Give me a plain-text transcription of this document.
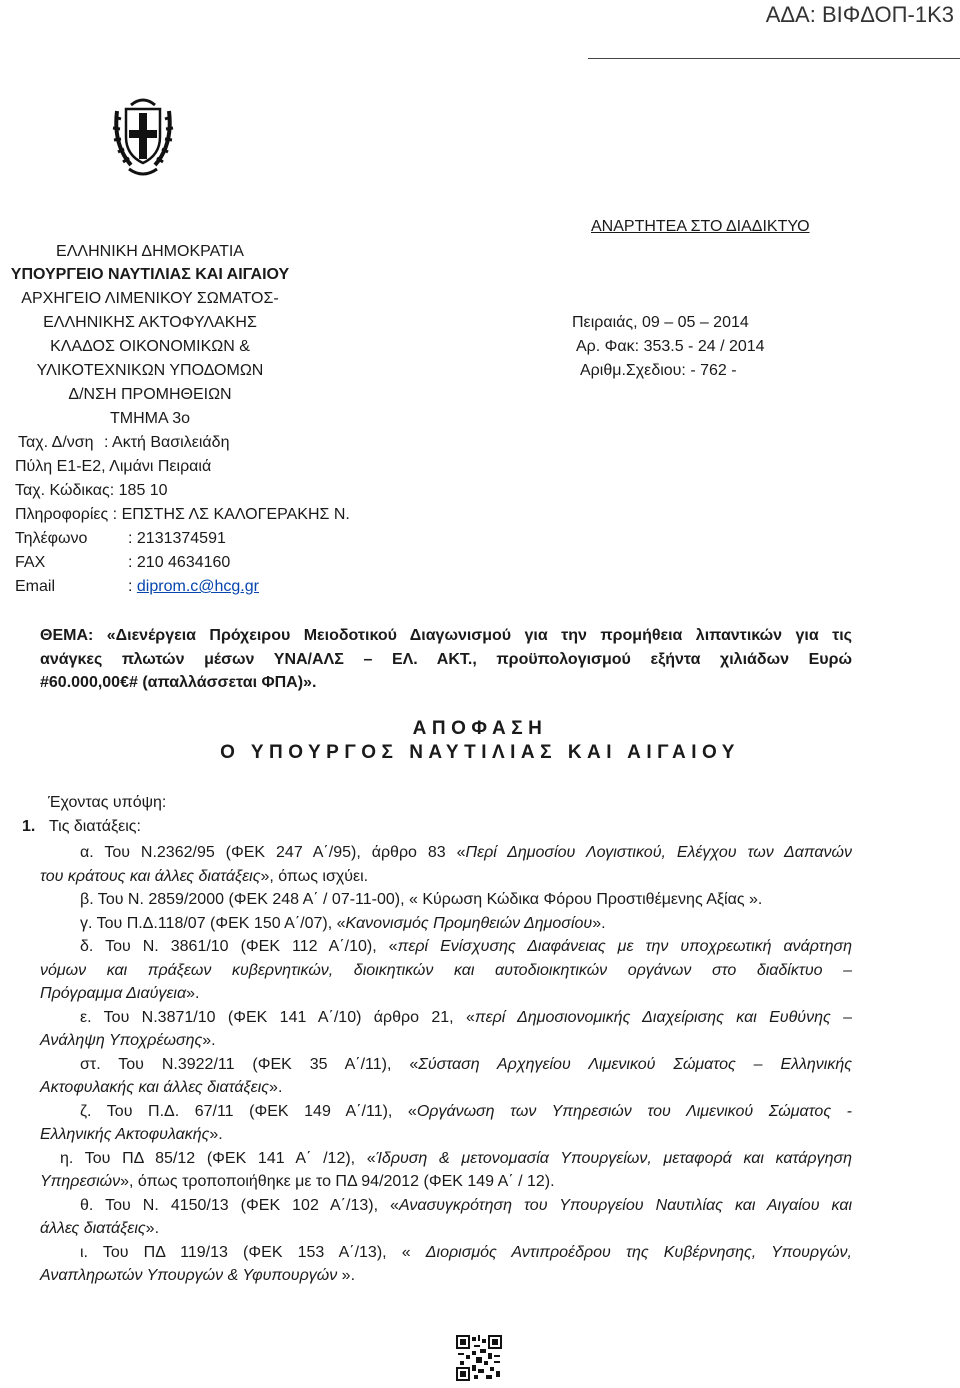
ΑΔΑ: ΒΙΦΔΟΠ-1Κ3
ΑΝΑΡΤΗΤΕΑ ΣΤΟ ΔΙΑΔΙΚΤΥΟ
ΕΛΛΗΝΙΚΗ ΔΗΜΟΚΡΑΤΙΑ
ΥΠΟΥΡΓΕΙΟ ΝΑΥΤΙΛΙΑΣ ΚΑΙ ΑΙΓΑΙΟΥ
ΑΡΧΗΓΕΙΟ ΛΙΜΕΝΙΚΟΥ ΣΩΜΑΤΟΣ-
ΕΛΛΗΝΙΚΗΣ ΑΚΤΟΦΥΛΑΚΗΣ
ΚΛΑΔΟΣ ΟΙΚΟΝΟΜΙΚΩΝ &
ΥΛΙΚΟΤΕΧΝΙΚΩΝ ΥΠΟΔΟΜΩΝ
Δ/ΝΣΗ ΠΡΟΜΗΘΕΙΩΝ
ΤΜΗΜΑ 3ο
Ταχ. Δ/νση : Ακτή Βασιλειάδη
Πύλη Ε1-Ε2, Λιμάνι Πειραιά
Ταχ. Κώδικας: 185 10
Πληροφορίες : ΕΠΣΤΗΣ ΛΣ ΚΑΛΟΓΕΡΑΚΗΣ Ν.
Τηλέφωνο	: 2131374591
FAX	: 210 4634160
Email	: diprom.c@hcg.gr
Πειραιάς, 09 – 05 – 2014
Αρ. Φακ: 353.5 - 24 / 2014
Αριθμ.Σχεδιου: - 762 -
ΘΕΜΑ: «Διενέργεια Πρόχειρου Μειοδοτικού Διαγωνισμού για την προμήθεια λιπαντικών για τις
ανάγκες πλωτών μέσων ΥΝΑ/ΑΛΣ – ΕΛ. ΑΚΤ., προϋπολογισμού εξήντα χιλιάδων Ευρώ
#60.000,00€# (απαλλάσσεται ΦΠΑ)».
ΑΠΟΦΑΣΗ
Ο ΥΠΟΥΡΓΟΣ ΝΑΥΤΙΛΙΑΣ ΚΑΙ ΑΙΓΑΙΟΥ
Έχοντας υπόψη:
1. Τις διατάξεις:
α. Του Ν.2362/95 (ΦΕΚ 247 Α΄/95), άρθρο 83 «Περί Δημοσίου Λογιστικού, Ελέγχου των Δαπανών
του κράτους και άλλες διατάξεις», όπως ισχύει.
β. Του Ν. 2859/2000 (ΦΕΚ 248 Α΄ / 07-11-00), « Κύρωση Κώδικα Φόρου Προστιθέμενης Αξίας ».
γ. Του Π.Δ.118/07 (ΦΕΚ 150 Α΄/07), «Κανονισμός Προμηθειών Δημοσίου».
δ. Του Ν. 3861/10 (ΦΕΚ 112 Α΄/10), «περί Ενίσχυσης Διαφάνειας με την υποχρεωτική ανάρτηση
νόμων και πράξεων κυβερνητικών, διοικητικών και αυτοδιοικητικών οργάνων στο διαδίκτυο –
Πρόγραμμα Διαύγεια».
ε. Του Ν.3871/10 (ΦΕΚ 141 Α΄/10) άρθρο 21, «περί Δημοσιονομικής Διαχείρισης και Ευθύνης –
Ανάληψη Υποχρέωσης».
στ. Του Ν.3922/11 (ΦΕΚ 35 Α΄/11), «Σύσταση Αρχηγείου Λιμενικού Σώματος – Ελληνικής
Ακτοφυλακής και άλλες διατάξεις».
ζ. Του Π.Δ. 67/11 (ΦΕΚ 149 Α΄/11), «Οργάνωση των Υπηρεσιών του Λιμενικού Σώματος -
Ελληνικής Ακτοφυλακής».
η. Του ΠΔ 85/12 (ΦΕΚ 141 Α΄ /12), «Ίδρυση & μετονομασία Υπουργείων, μεταφορά και κατάργηση
Υπηρεσιών», όπως τροποποιήθηκε με το ΠΔ 94/2012 (ΦΕΚ 149 Α΄ / 12).
θ. Του Ν. 4150/13 (ΦΕΚ 102 Α΄/13), «Ανασυγκρότηση του Υπουργείου Ναυτιλίας και Αιγαίου και
άλλες διατάξεις».
ι. Του ΠΔ 119/13 (ΦΕΚ 153 Α΄/13), « Διορισμός Αντιπροέδρου της Κυβέρνησης, Υπουργών,
Αναπληρωτών Υπουργών & Υφυπουργών ».
